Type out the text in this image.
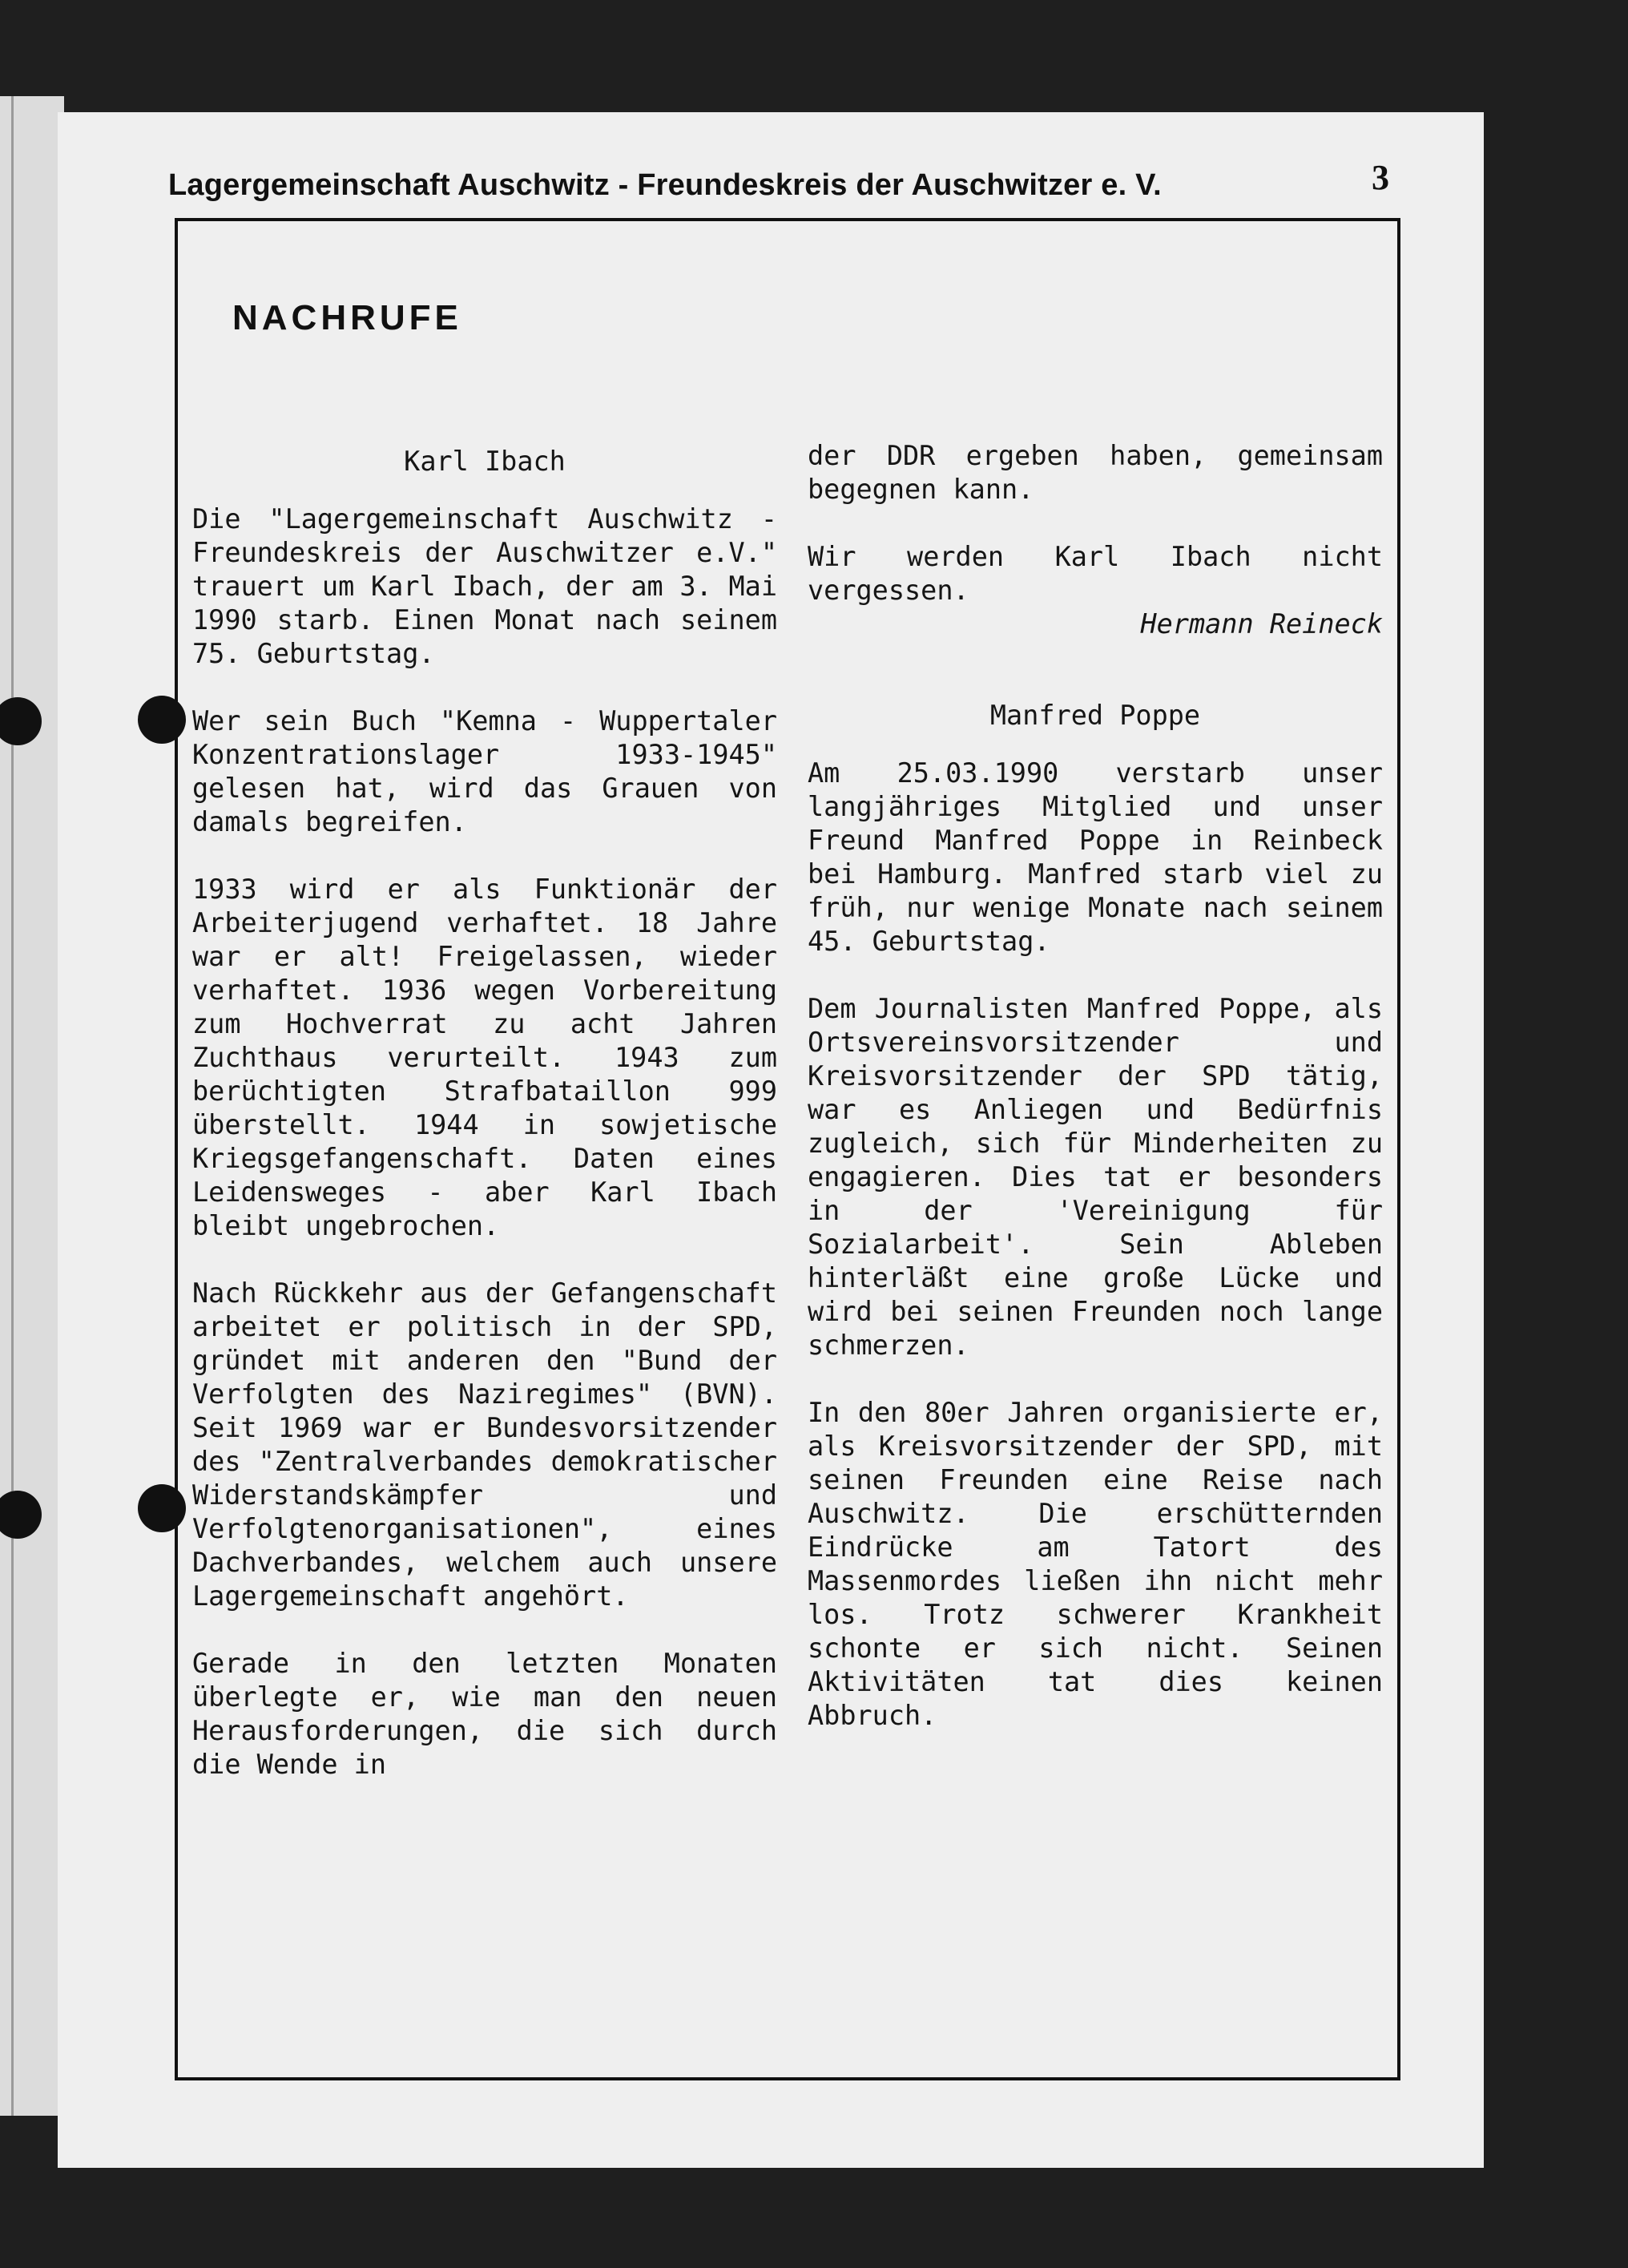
Lagergemeinschaft Auschwitz - Freundeskreis der Auschwitzer e. V.	3
NACHRUFE

Karl Ibach

Die "Lagergemeinschaft Auschwitz - Freundeskreis der Auschwitzer e.V." trauert um Karl Ibach, der am 3. Mai 1990 starb. Einen Monat nach seinem 75. Geburtstag.

Wer sein Buch "Kemna - Wuppertaler Konzentrationslager 1933-1945" gelesen hat, wird das Grauen von damals begreifen.

1933 wird er als Funktionär der Arbeiterjugend verhaftet. 18 Jahre war er alt! Freigelassen, wieder verhaftet. 1936 wegen Vorbereitung zum Hochverrat zu acht Jahren Zuchthaus verurteilt. 1943 zum berüchtigten Strafbataillon 999 überstellt. 1944 in sowjetische Kriegsgefangenschaft. Daten eines Leidensweges - aber Karl Ibach bleibt ungebrochen.

Nach Rückkehr aus der Gefangenschaft arbeitet er politisch in der SPD, gründet mit anderen den "Bund der Verfolgten des Naziregimes" (BVN). Seit 1969 war er Bundesvorsitzender des "Zentralverbandes demokratischer Widerstandskämpfer und Verfolgtenorganisationen", eines Dachverbandes, welchem auch unsere Lagergemeinschaft angehört.

Gerade in den letzten Monaten überlegte er, wie man den neuen Herausforderungen, die sich durch die Wende in

der DDR ergeben haben, gemeinsam begegnen kann.

Wir werden Karl Ibach nicht vergessen.

Hermann Reineck

Manfred Poppe

Am 25.03.1990 verstarb unser langjähriges Mitglied und unser Freund Manfred Poppe in Reinbeck bei Hamburg. Manfred starb viel zu früh, nur wenige Monate nach seinem 45. Geburtstag.

Dem Journalisten Manfred Poppe, als Ortsvereinsvorsitzender und Kreisvorsitzender der SPD tätig, war es Anliegen und Bedürfnis zugleich, sich für Minderheiten zu engagieren. Dies tat er besonders in der 'Vereinigung für Sozialarbeit'. Sein Ableben hinterläßt eine große Lücke und wird bei seinen Freunden noch lange schmerzen.

In den 80er Jahren organisierte er, als Kreisvorsitzender der SPD, mit seinen Freunden eine Reise nach Auschwitz. Die erschütternden Eindrücke am Tatort des Massenmordes ließen ihn nicht mehr los. Trotz schwerer Krankheit schonte er sich nicht. Seinen Aktivitäten tat dies keinen Abbruch.
